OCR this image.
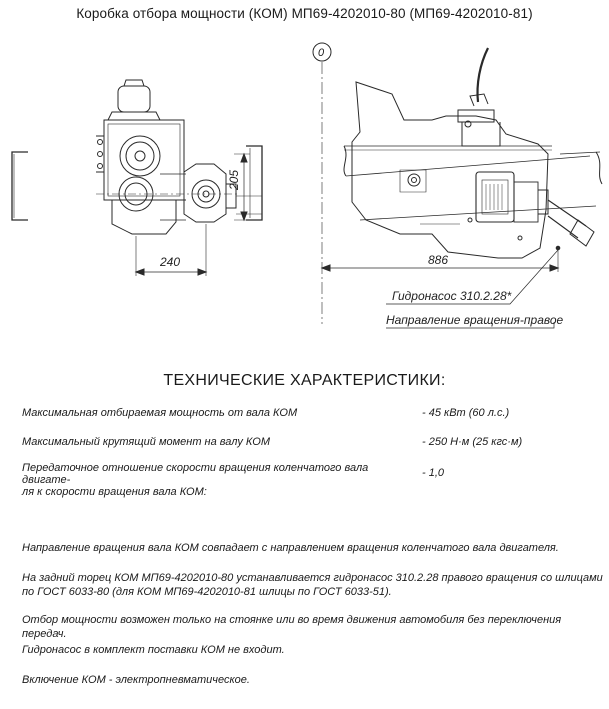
Коробка отбора мощности (КОМ) МП69-4202010-80 (МП69-4202010-81)
240
205
886
0
Гидронасос 310.2.28*
Направление вращения-правое
ТЕХНИЧЕСКИЕ ХАРАКТЕРИСТИКИ:
Максимальная отбираемая мощность от вала КОМ	- 45 кВт (60 л.с.)
Максимальный крутящий момент на валу КОМ	- 250 Н·м (25 кгс·м)
Передаточное отношение скорости вращения коленчатого вала двигате-
ля к скорости вращения вала КОМ:
- 1,0
Направление вращения вала КОМ совпадает с направлением вращения коленчатого вала двигателя.
На задний торец КОМ МП69-4202010-80 устанавливается гидронасос 310.2.28 правого вращения со шлицами
по ГОСТ 6033-80 (для КОМ МП69-4202010-81 шлицы по ГОСТ 6033-51).
Отбор мощности возможен только на стоянке или во время движения автомобиля без переключения передач.
Гидронасос в комплект поставки КОМ не входит.
Включение КОМ - электропневматическое.
